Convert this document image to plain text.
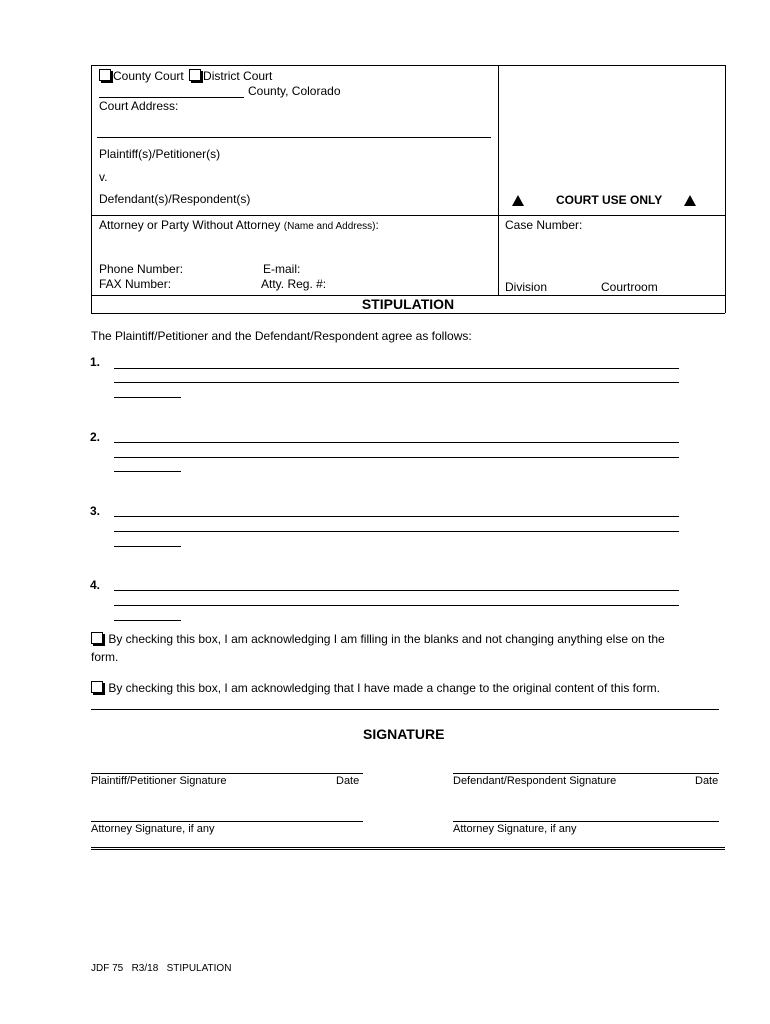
County Court District Court
County, Colorado
Court Address:
Plaintiff(s)/Petitioner(s)
v.
Defendant(s)/Respondent(s)	COURT USE ONLY
Attorney or Party Without Attorney (Name and Address):
Phone Number:	E-mail:
FAX Number:	Atty. Reg. #:
Case Number:
Division	Courtroom
STIPULATION
The Plaintiff/Petitioner and the Defendant/Respondent agree as follows:
1.
2.
3.
4.
By checking this box, I am acknowledging I am filling in the blanks and not changing anything else on the
form.
By checking this box, I am acknowledging that I have made a change to the original content of this form.
SIGNATURE
Plaintiff/Petitioner Signature	Date	Defendant/Respondent Signature	Date
Attorney Signature, if any	Attorney Signature, if any
JDF 75   R3/18   STIPULATION
